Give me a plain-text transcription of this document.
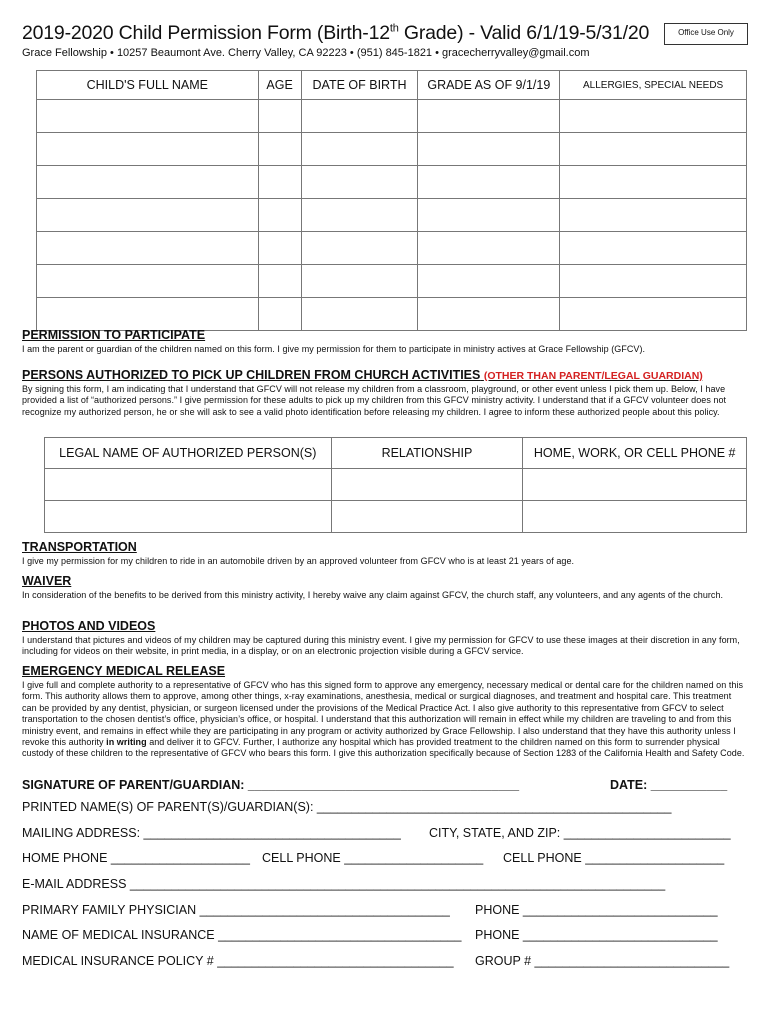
2019-2020 Child Permission Form (Birth-12th Grade) - Valid 6/1/19-5/31/20	Office Use Only
Grace Fellowship • 10257 Beaumont Ave. Cherry Valley, CA 92223 • (951) 845-1821 • gracecherryvalley@gmail.com
CHILD'S FULL NAME	AGE	DATE OF BIRTH	GRADE AS OF 9/1/19	ALLERGIES, SPECIAL NEEDS

PERMISSION TO PARTICIPATE
I am the parent or guardian of the children named on this form. I give my permission for them to participate in ministry actives at Grace Fellowship (GFCV).
PERSONS AUTHORIZED TO PICK UP CHILDREN FROM CHURCH ACTIVITIES (OTHER THAN PARENT/LEGAL GUARDIAN)
By signing this form, I am indicating that I understand that GFCV will not release my children from a classroom, playground, or other event unless I pick them up. Below, I have provided a list of “authorized persons.” I give permission for these adults to pick up my children from this GFCV ministry activity. I understand that if a GFCV volunteer does not recognize my authorized person, he or she will ask to see a valid photo identification before releasing my children. I agree to inform these authorized people about this policy.
LEGAL NAME OF AUTHORIZED PERSON(S)	RELATIONSHIP	HOME, WORK, OR CELL PHONE #

TRANSPORTATION
I give my permission for my children to ride in an automobile driven by an approved volunteer from GFCV who is at least 21 years of age.
WAIVER
In consideration of the benefits to be derived from this ministry activity, I hereby waive any claim against GFCV, the church staff, any volunteers, and any agents of the church.
PHOTOS AND VIDEOS
I understand that pictures and videos of my children may be captured during this ministry event. I give my permission for GFCV to use these images at their discretion in any form, including for videos on their website, in print media, in a display, or on an electronic projection visible during a GFCV service.
EMERGENCY MEDICAL RELEASE
I give full and complete authority to a representative of GFCV who has this signed form to approve any emergency, necessary medical or dental care for the children named on this form. This authority allows them to approve, among other things, x-ray examinations, anesthesia, medical or surgical diagnoses, and treatment and hospital care. This treatment can be provided by any dentist, physician, or surgeon licensed under the provisions of the Medical Practice Act. I also give authority to this representative from GFCV to select transportation to the chosen dentist’s office, physician’s office, or hospital. I understand that this authorization will remain in effect while my children are traveling to and from this ministry event, and remains in effect while they are participating in any program or activity authorized by Grace Fellowship. I also understand that they have this authority unless I revoke this authority in writing and deliver it to GFCV. Further, I authorize any hospital which has provided treatment to the children named on this form to surrender physical custody of these children to the representative of GFCV who bears this form. I give this authorization specifically because of Section 1283 of the California Health and Safety Code.
SIGNATURE OF PARENT/GUARDIAN: _______________________________________	DATE: ___________
PRINTED NAME(S) OF PARENT(S)/GUARDIAN(S): ___________________________________________________
MAILING ADDRESS: _____________________________________ CITY, STATE, AND ZIP: ________________________
HOME PHONE ____________________ CELL PHONE ____________________ CELL PHONE ____________________
E-MAIL ADDRESS _____________________________________________________________________________
PRIMARY FAMILY PHYSICIAN ____________________________________ PHONE ____________________________
NAME OF MEDICAL INSURANCE ___________________________________ PHONE ____________________________
MEDICAL INSURANCE POLICY # __________________________________ GROUP # ____________________________
